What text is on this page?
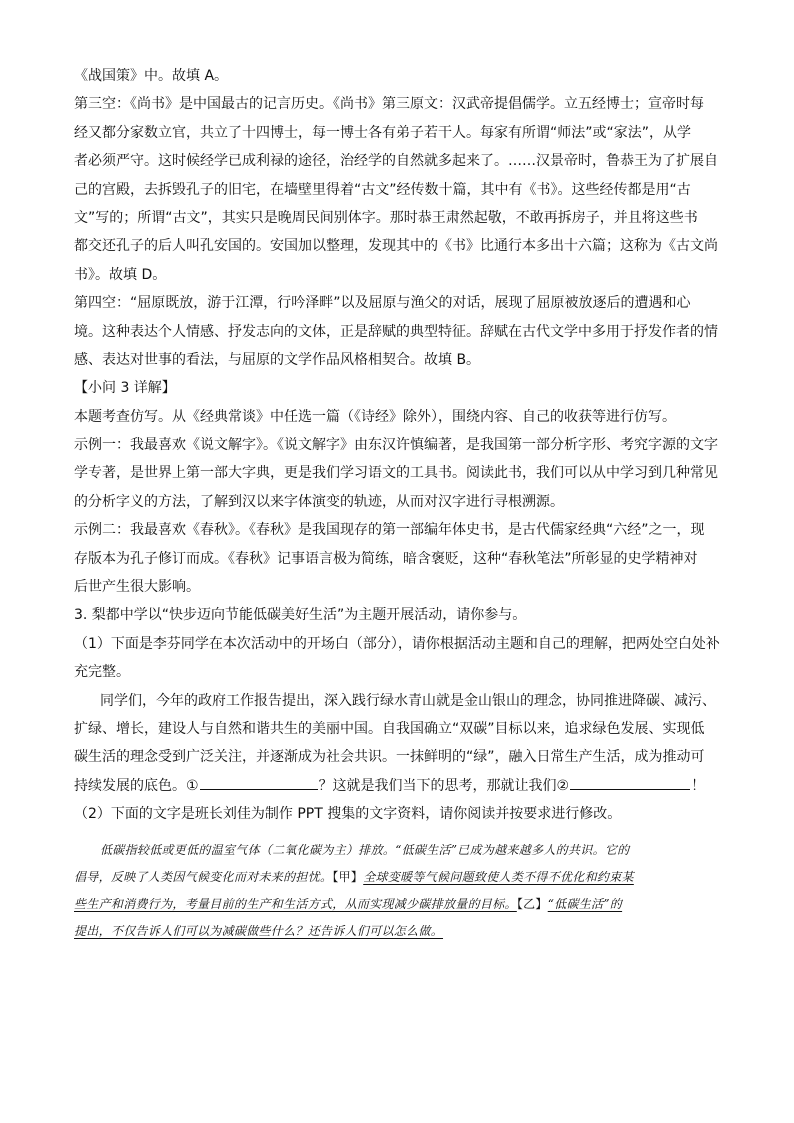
《战国策》中。故填 A。
第三空：《尚书》是中国最古的记言历史。《尚书》第三原文：汉武帝提倡儒学。立五经博士；宣帝时每
经又都分家数立官，共立了十四博士，每一博士各有弟子若干人。每家有所谓“师法”或“家法”，从学
者必须严守。这时候经学已成利禄的途径，治经学的自然就多起来了。……汉景帝时，鲁恭王为了扩展自
己的宫殿，去拆毁孔子的旧宅，在墙壁里得着“古文”经传数十篇，其中有《书》。这些经传都是用“古
文”写的；所谓“古文”，其实只是晚周民间别体字。那时恭王肃然起敬，不敢再拆房子，并且将这些书
都交还孔子的后人叫孔安国的。安国加以整理，发现其中的《书》比通行本多出十六篇；这称为《古文尚
书》。故填 D。
第四空：“屈原既放，游于江潭，行吟泽畔”以及屈原与渔父的对话，展现了屈原被放逐后的遭遇和心
境。这种表达个人情感、抒发志向的文体，正是辞赋的典型特征。辞赋在古代文学中多用于抒发作者的情
感、表达对世事的看法，与屈原的文学作品风格相契合。故填 B。
【小问 3 详解】
本题考查仿写。从《经典常谈》中任选一篇（《诗经》除外），围绕内容、自己的收获等进行仿写。
示例一：我最喜欢《说文解字》。《说文解字》由东汉许慎编著，是我国第一部分析字形、考究字源的文字
学专著，是世界上第一部大字典，更是我们学习语文的工具书。阅读此书，我们可以从中学习到几种常见
的分析字义的方法，了解到汉以来字体演变的轨迹，从而对汉字进行寻根溯源。
示例二：我最喜欢《春秋》。《春秋》是我国现存的第一部编年体史书，是古代儒家经典“六经”之一，现
存版本为孔子修订而成。《春秋》记事语言极为简练，暗含褒贬，这种“春秋笔法”所彰显的史学精神对
后世产生很大影响。
3. 梨都中学以“快步迈向节能低碳美好生活”为主题开展活动，请你参与。
（1）下面是李芬同学在本次活动中的开场白（部分），请你根据活动主题和自己的理解，把两处空白处补
充完整。
同学们，今年的政府工作报告提出，深入践行绿水青山就是金山银山的理念，协同推进降碳、减污、
扩绿、增长，建设人与自然和谐共生的美丽中国。自我国确立“双碳”目标以来，追求绿色发展、实现低
碳生活的理念受到广泛关注，并逐渐成为社会共识。一抹鲜明的“绿”，融入日常生产生活，成为推动可
持续发展的底色。①	？这就是我们当下的思考，那就让我们②	！
（2）下面的文字是班长刘佳为制作 PPT 搜集的文字资料，请你阅读并按要求进行修改。
低碳指较低或更低的温室气体（二氧化碳为主）排放。“低碳生活”已成为越来越多人的共识。它的
倡导，反映了人类因气候变化而对未来的担忧。【甲】全球变暖等气候问题致使人类不得不优化和约束某
些生产和消费行为，考量目前的生产和生活方式，从而实现减少碳排放量的目标。【乙】“低碳生活”的
提出，不仅告诉人们可以为减碳做些什么？还告诉人们可以怎么做。
